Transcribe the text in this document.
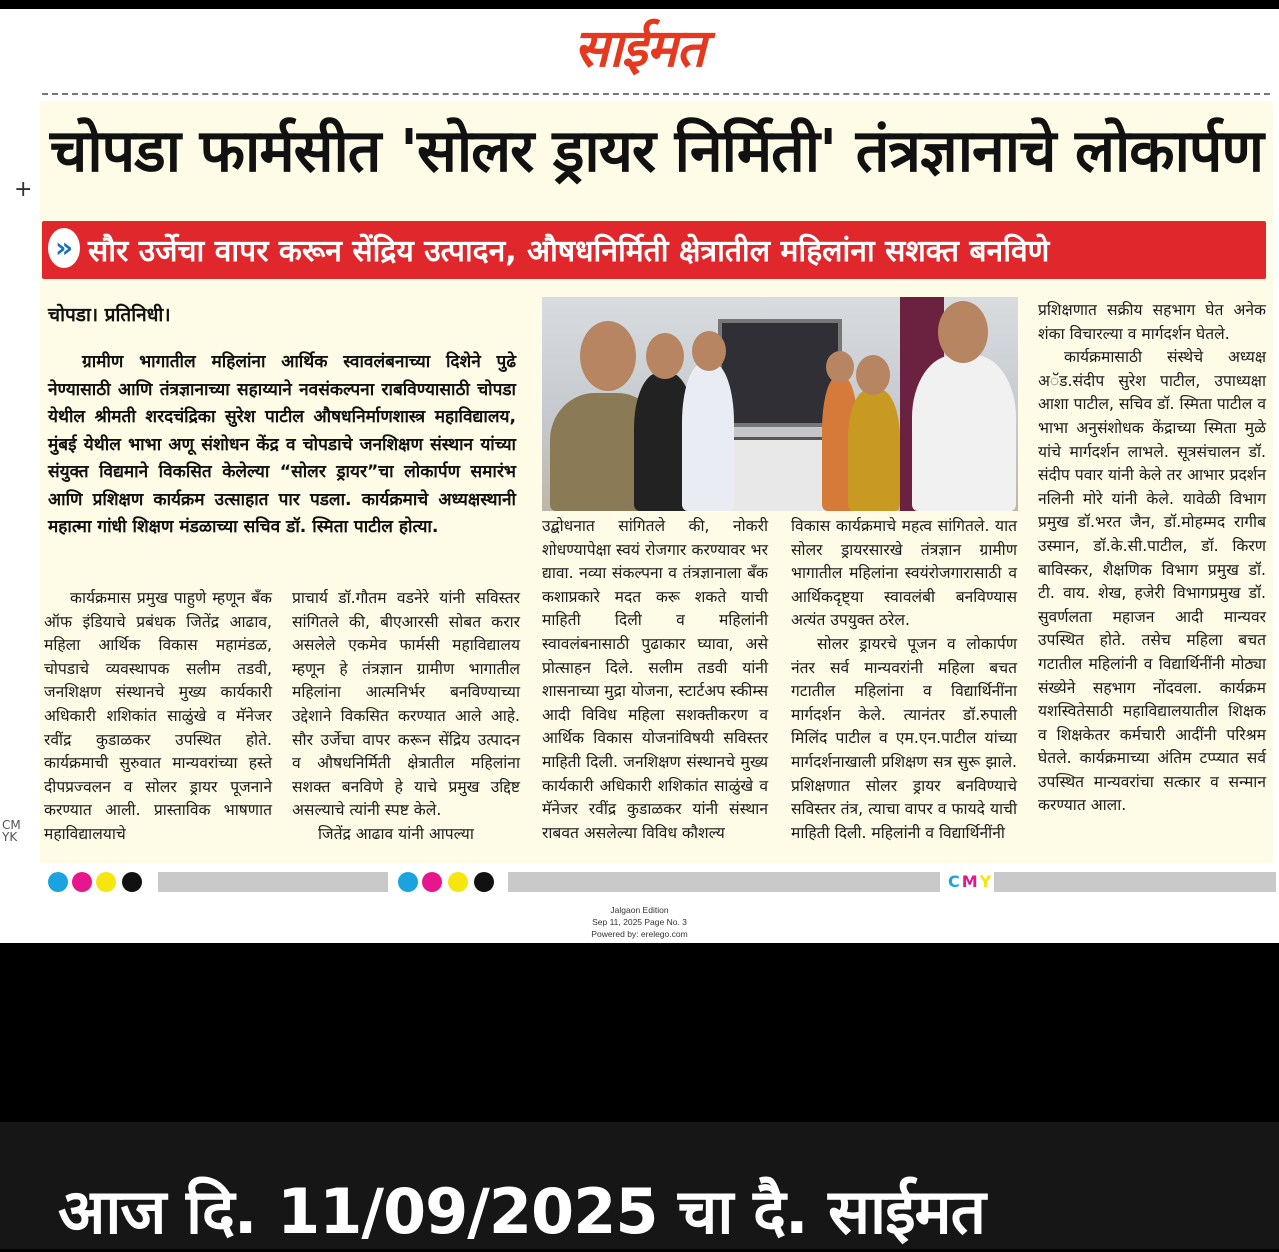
साईमत
+
चोपडा फार्मसीत 'सोलर ड्रायर निर्मिती' तंत्रज्ञानाचे लोकार्पण
» सौर उर्जेचा वापर करून सेंद्रिय उत्पादन, औषधनिर्मिती क्षेत्रातील महिलांना सशक्त बनविणे
चोपडा। प्रतिनिधी।
ग्रामीण भागातील महिलांना आर्थिक स्वावलंबनाच्या दिशेने पुढे नेण्यासाठी आणि तंत्रज्ञानाच्या सहाय्याने नवसंकल्पना राबविण्यासाठी चोपडा येथील श्रीमती शरदचंद्रिका सुरेश पाटील औषधनिर्माणशास्त्र महाविद्यालय, मुंबई येथील भाभा अणू संशोधन केंद्र व चोपडाचे जनशिक्षण संस्थान यांच्या संयुक्त विद्यमाने विकसित केलेल्या “सोलर ड्रायर”चा लोकार्पण समारंभ आणि प्रशिक्षण कार्यक्रम उत्साहात पार पडला. कार्यक्रमाचे अध्यक्षस्थानी महात्मा गांधी शिक्षण मंडळाच्या सचिव डॉ. स्मिता पाटील होत्या.

कार्यक्रमास प्रमुख पाहुणे म्हणून बँक ऑफ इंडियाचे प्रबंधक जितेंद्र आढाव, महिला आर्थिक विकास महामंडळ, चोपडाचे व्यवस्थापक सलीम तडवी, जनशिक्षण संस्थानचे मुख्य कार्यकारी अधिकारी शशिकांत साळुंखे व मॅनेजर रवींद्र कुडाळकर उपस्थित होते. कार्यक्रमाची सुरुवात मान्यवरांच्या हस्ते दीपप्रज्वलन व सोलर ड्रायर पूजनाने करण्यात आली. प्रास्ताविक भाषणात महाविद्यालयाचे

प्राचार्य डॉ.गौतम वडनेरे यांनी सविस्तर सांगितले की, बीएआरसी सोबत करार असलेले एकमेव फार्मसी महाविद्यालय म्हणून हे तंत्रज्ञान ग्रामीण भागातील महिलांना आत्मनिर्भर बनविण्याच्या उद्देशाने विकसित करण्यात आले आहे. सौर उर्जेचा वापर करून सेंद्रिय उत्पादन व औषधनिर्मिती क्षेत्रातील महिलांना सशक्त बनविणे हे याचे प्रमुख उद्दिष्ट असल्याचे त्यांनी स्पष्ट केले.

जितेंद्र आढाव यांनी आपल्या

उद्बोधनात सांगितले की, नोकरी शोधण्यापेक्षा स्वयं रोजगार करण्यावर भर द्यावा. नव्या संकल्पना व तंत्रज्ञानाला बँक कशाप्रकारे मदत करू शकते याची माहिती दिली व महिलांनी स्वावलंबनासाठी पुढाकार घ्यावा, असे प्रोत्साहन दिले. सलीम तडवी यांनी शासनाच्या मुद्रा योजना, स्टार्टअप स्कीम्स आदी विविध महिला सशक्तीकरण व आर्थिक विकास योजनांविषयी सविस्तर माहिती दिली. जनशिक्षण संस्थानचे मुख्य कार्यकारी अधिकारी शशिकांत साळुंखे व मॅनेजर रवींद्र कुडाळकर यांनी संस्थान राबवत असलेल्या विविध कौशल्य

विकास कार्यक्रमाचे महत्व सांगितले. यात सोलर ड्रायरसारखे तंत्रज्ञान ग्रामीण भागातील महिलांना स्वयंरोजगारासाठी व आर्थिकदृष्ट्या स्वावलंबी बनविण्यास अत्यंत उपयुक्त ठरेल.

सोलर ड्रायरचे पूजन व लोकार्पण नंतर सर्व मान्यवरांनी महिला बचत गटातील महिलांना व विद्यार्थिनींना मार्गदर्शन केले. त्यानंतर डॉ.रुपाली मिलिंद पाटील व एम.एन.पाटील यांच्या मार्गदर्शनाखाली प्रशिक्षण सत्र सुरू झाले. प्रशिक्षणात सोलर ड्रायर बनविण्याचे सविस्तर तंत्र, त्याचा वापर व फायदे याची माहिती दिली. महिलांनी व विद्यार्थिनींनी

प्रशिक्षणात सक्रीय सहभाग घेत अनेक शंका विचारल्या व मार्गदर्शन घेतले.

कार्यक्रमासाठी संस्थेचे अध्यक्ष अॅड.संदीप सुरेश पाटील, उपाध्यक्षा आशा पाटील, सचिव डॉ. स्मिता पाटील व भाभा अनुसंशोधक केंद्राच्या स्मिता मुळे यांचे मार्गदर्शन लाभले. सूत्रसंचालन डॉ. संदीप पवार यांनी केले तर आभार प्रदर्शन नलिनी मोरे यांनी केले. यावेळी विभाग प्रमुख डॉ.भरत जैन, डॉ.मोहम्मद रागीब उस्मान, डॉ.के.सी.पाटील, डॉ. किरण बाविस्कर, शैक्षणिक विभाग प्रमुख डॉ. टी. वाय. शेख, हजेरी विभागप्रमुख डॉ. सुवर्णलता महाजन आदी मान्यवर उपस्थित होते. तसेच महिला बचत गटातील महिलांनी व विद्यार्थिनींनी मोठ्या संख्येने सहभाग नोंदवला. कार्यक्रम यशस्वितेसाठी महाविद्यालयातील शिक्षक व शिक्षकेतर कर्मचारी आदींनी परिश्रम घेतले. कार्यक्रमाच्या अंतिम टप्प्यात सर्व उपस्थित मान्यवरांचा सत्कार व सन्मान करण्यात आला.

CM
YK
CMY
Jalgaon Edition
Sep 11, 2025 Page No. 3
Powered by: erelego.com
आज दि. 11/09/2025 चा दै. साईमत
